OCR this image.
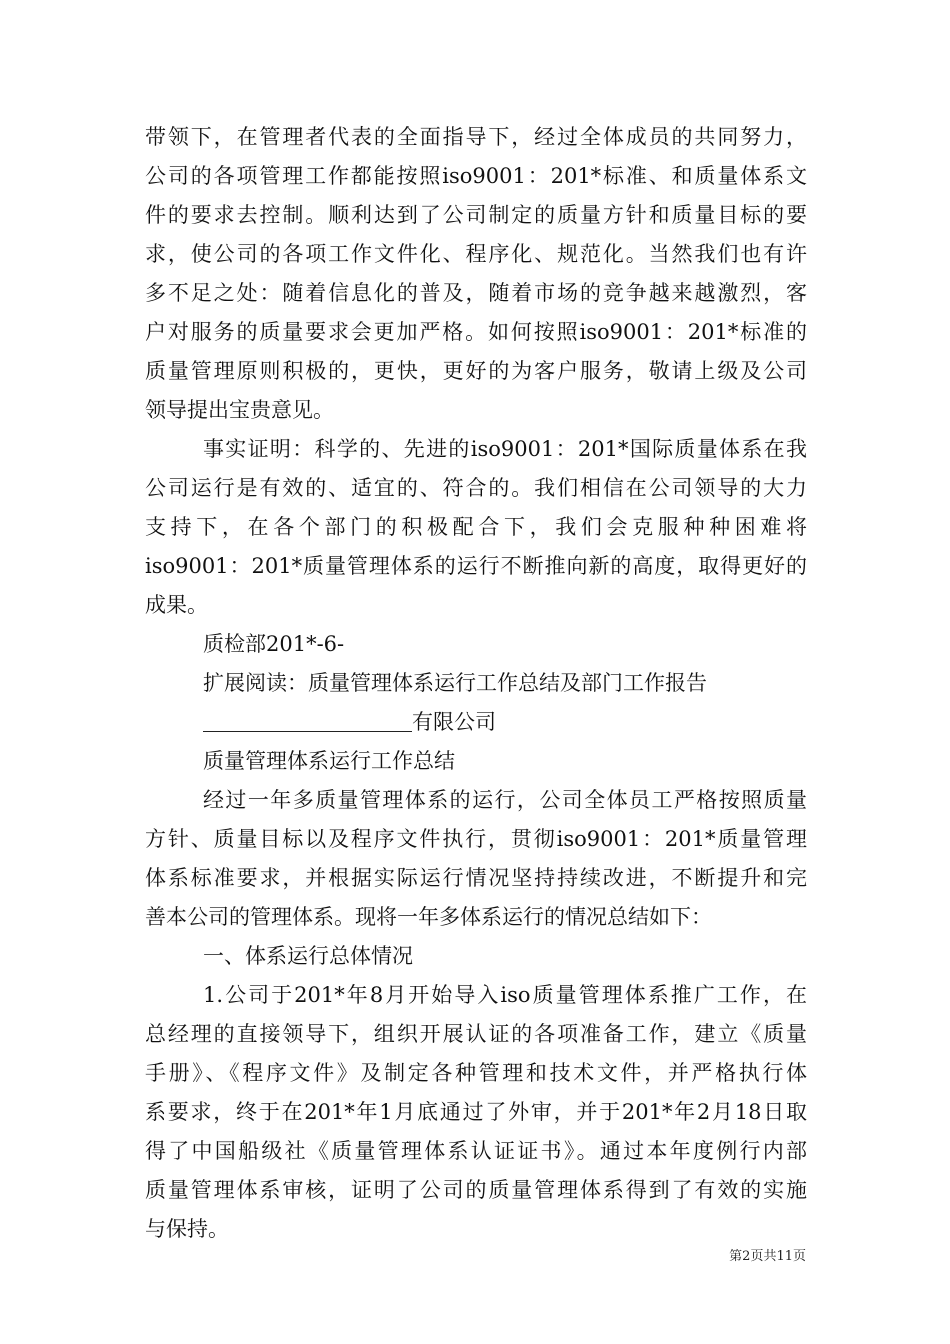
带领下，在管理者代表的全面指导下，经过全体成员的共同努力，
公司的各项管理工作都能按照iso9001：201*标准、和质量体系文
件的要求去控制。顺利达到了公司制定的质量方针和质量目标的要
求，使公司的各项工作文件化、程序化、规范化。当然我们也有许
多不足之处：随着信息化的普及，随着市场的竞争越来越激烈，客
户对服务的质量要求会更加严格。如何按照iso9001：201*标准的
质量管理原则积极的，更快，更好的为客户服务，敬请上级及公司
领导提出宝贵意见。
事实证明：科学的、先进的iso9001：201*国际质量体系在我
公司运行是有效的、适宜的、符合的。我们相信在公司领导的大力
支持下，在各个部门的积极配合下，我们会克服种种困难将
iso9001：201*质量管理体系的运行不断推向新的高度，取得更好的
成果。
质检部201*-6-
扩展阅读：质量管理体系运行工作总结及部门工作报告
有限公司
质量管理体系运行工作总结
经过一年多质量管理体系的运行，公司全体员工严格按照质量
方针、质量目标以及程序文件执行，贯彻iso9001：201*质量管理
体系标准要求，并根据实际运行情况坚持持续改进，不断提升和完
善本公司的管理体系。现将一年多体系运行的情况总结如下：
一、体系运行总体情况
1.公司于201*年8月开始导入iso质量管理体系推广工作，在
总经理的直接领导下，组织开展认证的各项准备工作，建立《质量
手册》、《程序文件》及制定各种管理和技术文件，并严格执行体
系要求，终于在201*年1月底通过了外审，并于201*年2月18日取
得了中国船级社《质量管理体系认证证书》。通过本年度例行内部
质量管理体系审核，证明了公司的质量管理体系得到了有效的实施
与保持。
第2页共11页
